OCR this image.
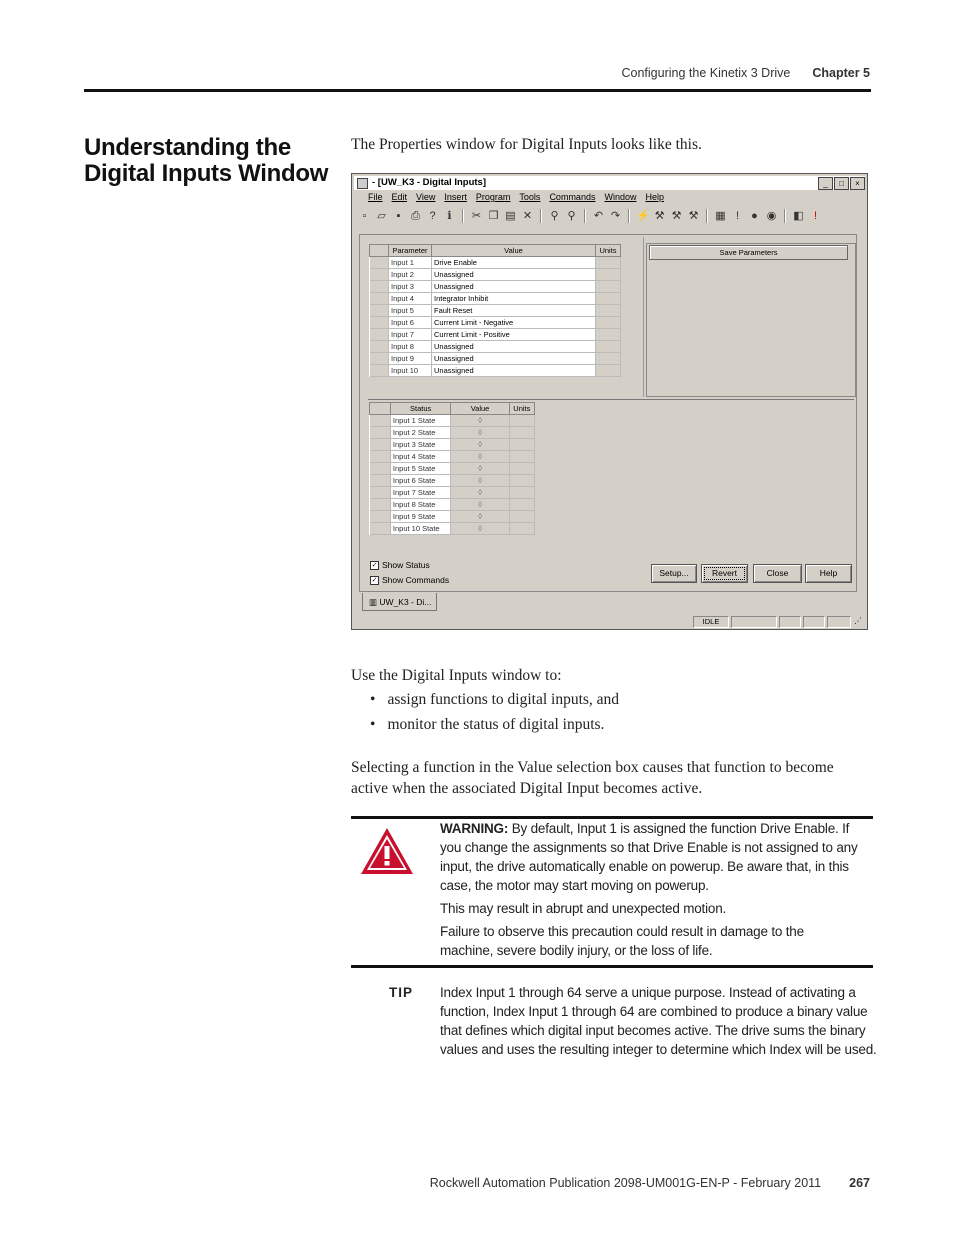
Configuring the Kinetix 3 Drive Chapter 5
Understanding the Digital Inputs Window
The Properties window for Digital Inputs looks like this.
- [UW_K3 - Digital Inputs]	_	□	×
File Edit View Insert Program Tools Commands Window Help
▫ ▱ ▪ ⎙ ?	ℹ	✂ ❐ ▤ ✕ ⚲ ⚲ ↶ ↷ ⚡ ⚒ ⚒ ⚒ ▦ !	● ◉ ◧ !
	Parameter	Value	Units
	Input 1	Drive Enable	
	Input 2	Unassigned	
	Input 3	Unassigned	
	Input 4	Integrator Inhibit	
	Input 5	Fault Reset	
	Input 6	Current Limit - Negative	
	Input 7	Current Limit - Positive	
	Input 8	Unassigned	
	Input 9	Unassigned	
	Input 10	Unassigned	
Save Parameters
	Status	Value	Units
	Input 1 State	◊	
	Input 2 State	◊	
	Input 3 State	◊	
	Input 4 State	◊	
	Input 5 State	◊	
	Input 6 State	◊	
	Input 7 State	◊	
	Input 8 State	◊	
	Input 9 State	◊	
	Input 10 State	◊	
✓ Show Status
✓ Show Commands
Setup...	Revert	Close	Help
▥ UW_K3 - Di...
IDLE	⋰
Use the Digital Inputs window to:
• assign functions to digital inputs, and
• monitor the status of digital inputs.
Selecting a function in the Value selection box causes that function to become active when the associated Digital Input becomes active.
WARNING: By default, Input 1 is assigned the function Drive Enable. If you change the assignments so that Drive Enable is not assigned to any input, the drive automatically enable on powerup. Be aware that, in this case, the motor may start moving on powerup.
This may result in abrupt and unexpected motion.
Failure to observe this precaution could result in damage to the machine, severe bodily injury, or the loss of life.
TIP Index Input 1 through 64 serve a unique purpose. Instead of activating a function, Index Input 1 through 64 are combined to produce a binary value that defines which digital input becomes active. The drive sums the binary values and uses the resulting integer to determine which Index will be used.
Rockwell Automation Publication 2098-UM001G-EN-P - February 2011 267
